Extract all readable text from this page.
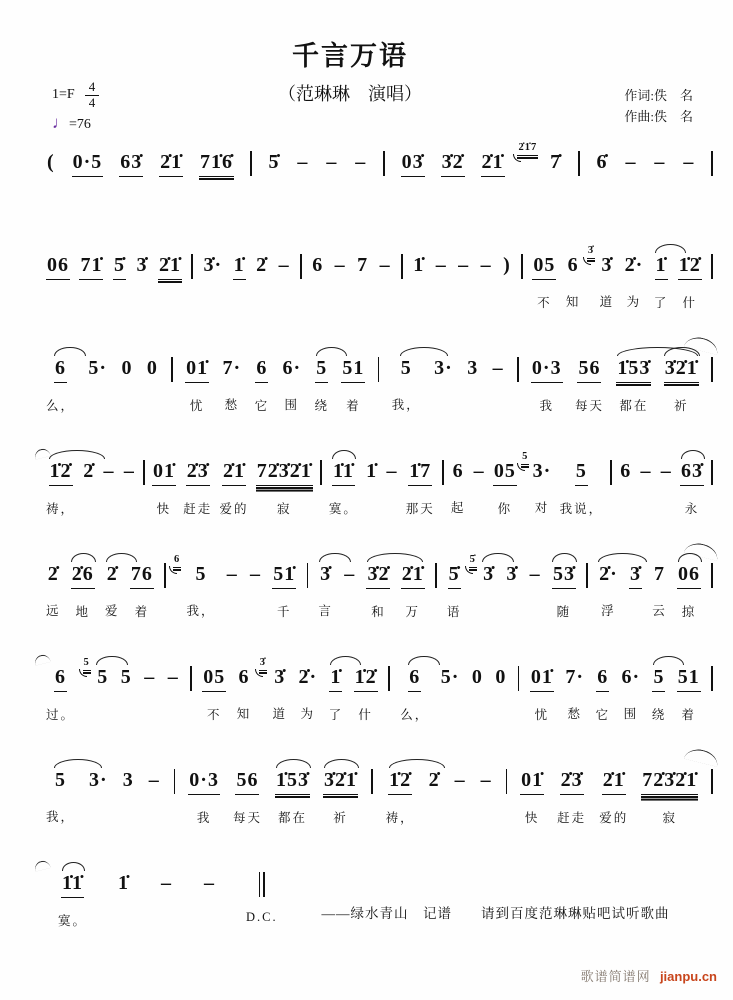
千言万语
（范琳琳　演唱）	作词:佚　名
作曲:佚　名
$1=F \frac{4}{4}$
♩=76
( 0·5 63̇ 2̇1̇ 71̇6̇ 5̇ – – – 03̇ 3̇2̇ 2̇1̇
2̇1̇7
7̇ 6̇ – – –
06 71̇ 5̇ 3̇ 2̇1̇ 3̇· 1̇ 2̇ – 6 – 7 – 1̇ – – – ) 05
不
6
知
3̇
3̇
道
2̇·
为
1̇
了
1̇2̇
什
6
么，
5· 0 0 01̇
忧
7·
愁
6
它
6·
围
5
绕
51
着
5
我，
3· 3 – 0·3
我
56
每天
1̇53̇
都在
3̇2̇1̇
祈
1̇2̇
祷，
2̇ – – 01̇
快
2̇3̇
赶走
2̇1̇
爱的
72̇3̇2̇1̇
寂
1̇1̇
寞。
1̇ – 1̇7
那天
6
起
– 05
你
5
3·
对
5
我说，
6 – – 63̇
永
2̇
远
2̇6
地
2̇
爱
76
着
6
5
我，
– – 51̇
千
3̇
言
– 3̇2̇
和
2̇1̇
万
5̇
语
5̇
3̇ 3̇ – 53̇
随
2̇·
浮
3̇ 7
云
06
掠
6
过。
5
5 5 – – 05
不
6
知
3̇
3̇
道
2̇·
为
1̇
了
1̇2̇
什
6
么，
5· 0 0 01̇
忧
7·
愁
6
它
6·
围
5
绕
51
着
5
我，
3· 3 – 0·3
我
56
每天
1̇53̇
都在
3̇2̇1̇
祈
1̇2̇
祷，
2̇ – – 01̇
快
2̇3̇
赶走
2̇1̇
爱的
72̇3̇2̇1̇
寂
1̇1̇
寞。
1̇ – –
D.C.	——绿水青山　记谱　　请到百度范琳琳贴吧试听歌曲
歌谱简谱网 jianpu.cn
